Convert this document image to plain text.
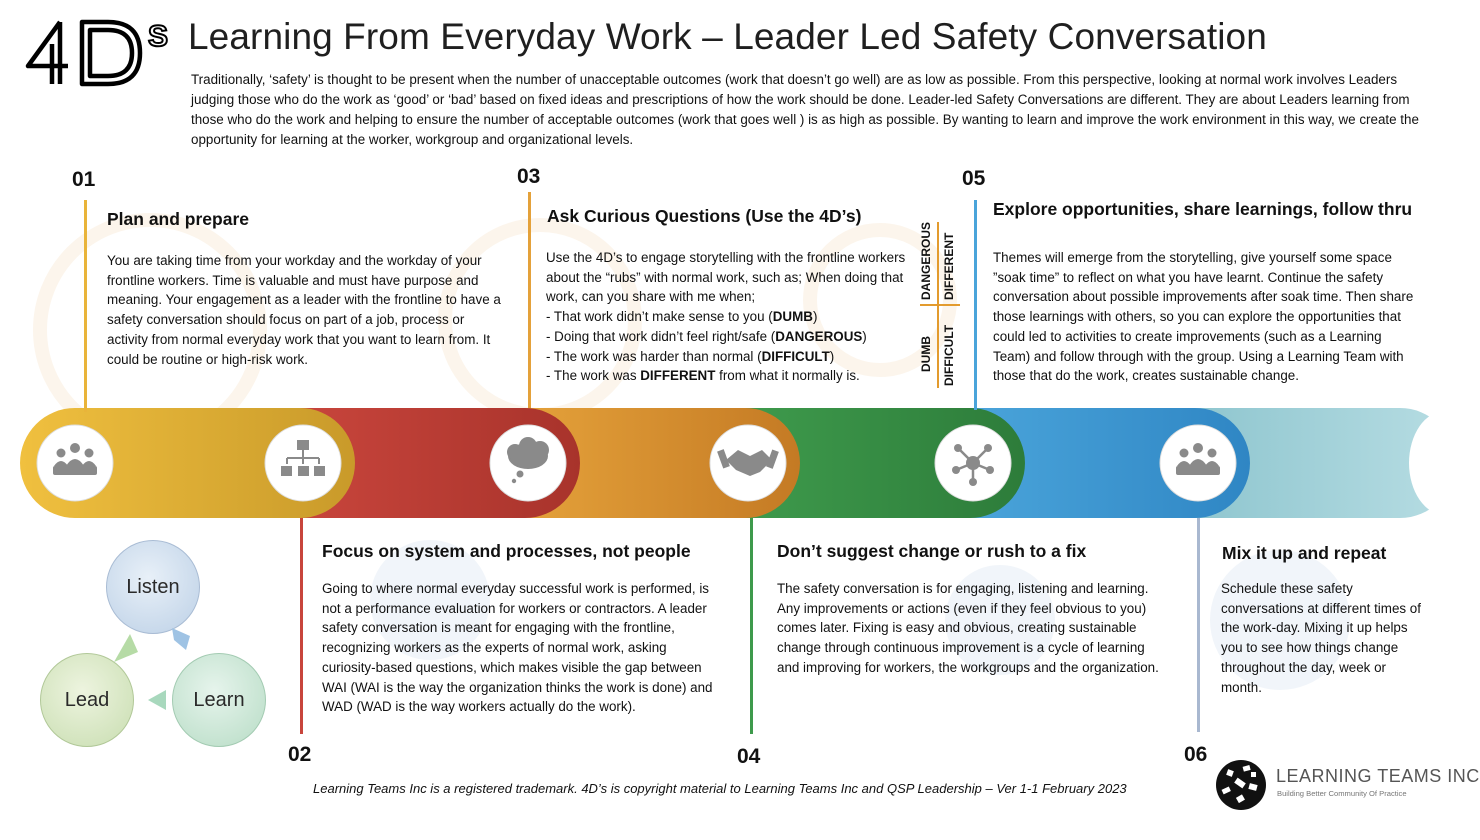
S Learning From Everyday Work – Leader Led Safety Conversation
Traditionally, ‘safety’ is thought to be present when the number of unacceptable outcomes (work that doesn’t go well) are as low as possible. From this perspective, looking at normal work involves Leaders judging those who do the work as ‘good’ or ‘bad’ based on fixed ideas and prescriptions of how the work should be done. Leader-led Safety Conversations are different. They are about Leaders learning from those who do the work and helping to ensure the number of acceptable outcomes (work that goes well ) is as high as possible. By wanting to learn and improve the work environment in this way, we create the opportunity for learning at the worker, workgroup and organizational levels.
01
Plan and prepare
You are taking time from your workday and the workday of your frontline workers. Time is valuable and must have purpose and meaning. Your engagement as a leader with the frontline to have a safety conversation should focus on part of a job, process or activity from normal everyday work that you want to learn from. It could be routine or high-risk work.
02
Focus on system and processes, not people
Going to where normal everyday successful work is performed, is not a performance evaluation for workers or contractors. A leader safety conversation is meant for engaging with the frontline, recognizing workers as the experts of normal work, asking curiosity-based questions, which makes visible the gap between WAI (WAI is the way the organization thinks the work is done) and WAD (WAD is the way workers actually do the work).
03
Ask Curious Questions (Use the 4D’s)
Use the 4D’s to engage storytelling with the frontline workers about the “rubs” with normal work, such as; When doing that work, can you share with me when;
- That work didn’t make sense to you (DUMB)
- Doing that work didn’t feel right/safe (DANGEROUS)
- The work was harder than normal (DIFFICULT)
- The work was DIFFERENT from what it normally is.
DANGEROUS DIFFERENT
DUMB DIFFICULT
04
Don’t suggest change or rush to a fix
The safety conversation is for engaging, listening and learning. Any improvements or actions (even if they feel obvious to you) comes later. Fixing is easy and obvious, creating sustainable change through continuous improvement is a cycle of learning and improving for workers, the workgroups and the organization.
05
Explore opportunities, share learnings, follow thru
Themes will emerge from the storytelling, give yourself some space ”soak time” to reflect on what you have learnt. Continue the safety conversation about possible improvements after soak time. Then share those learnings with others, so you can explore the opportunities that could led to activities to create improvements (such as a Learning Team) and follow through with the group. Using a Learning Team with those that do the work, creates sustainable change.
06
Mix it up and repeat
Schedule these safety conversations at different times of the work-day. Mixing it up helps you to see how things change throughout the day, week or month.
Listen
Learn
Lead
Learning Teams Inc is a registered trademark. 4D’s is copyright material to Learning Teams Inc and QSP Leadership – Ver 1-1 February 2023
LEARNING TEAMS INC
Building Better Community Of Practice
